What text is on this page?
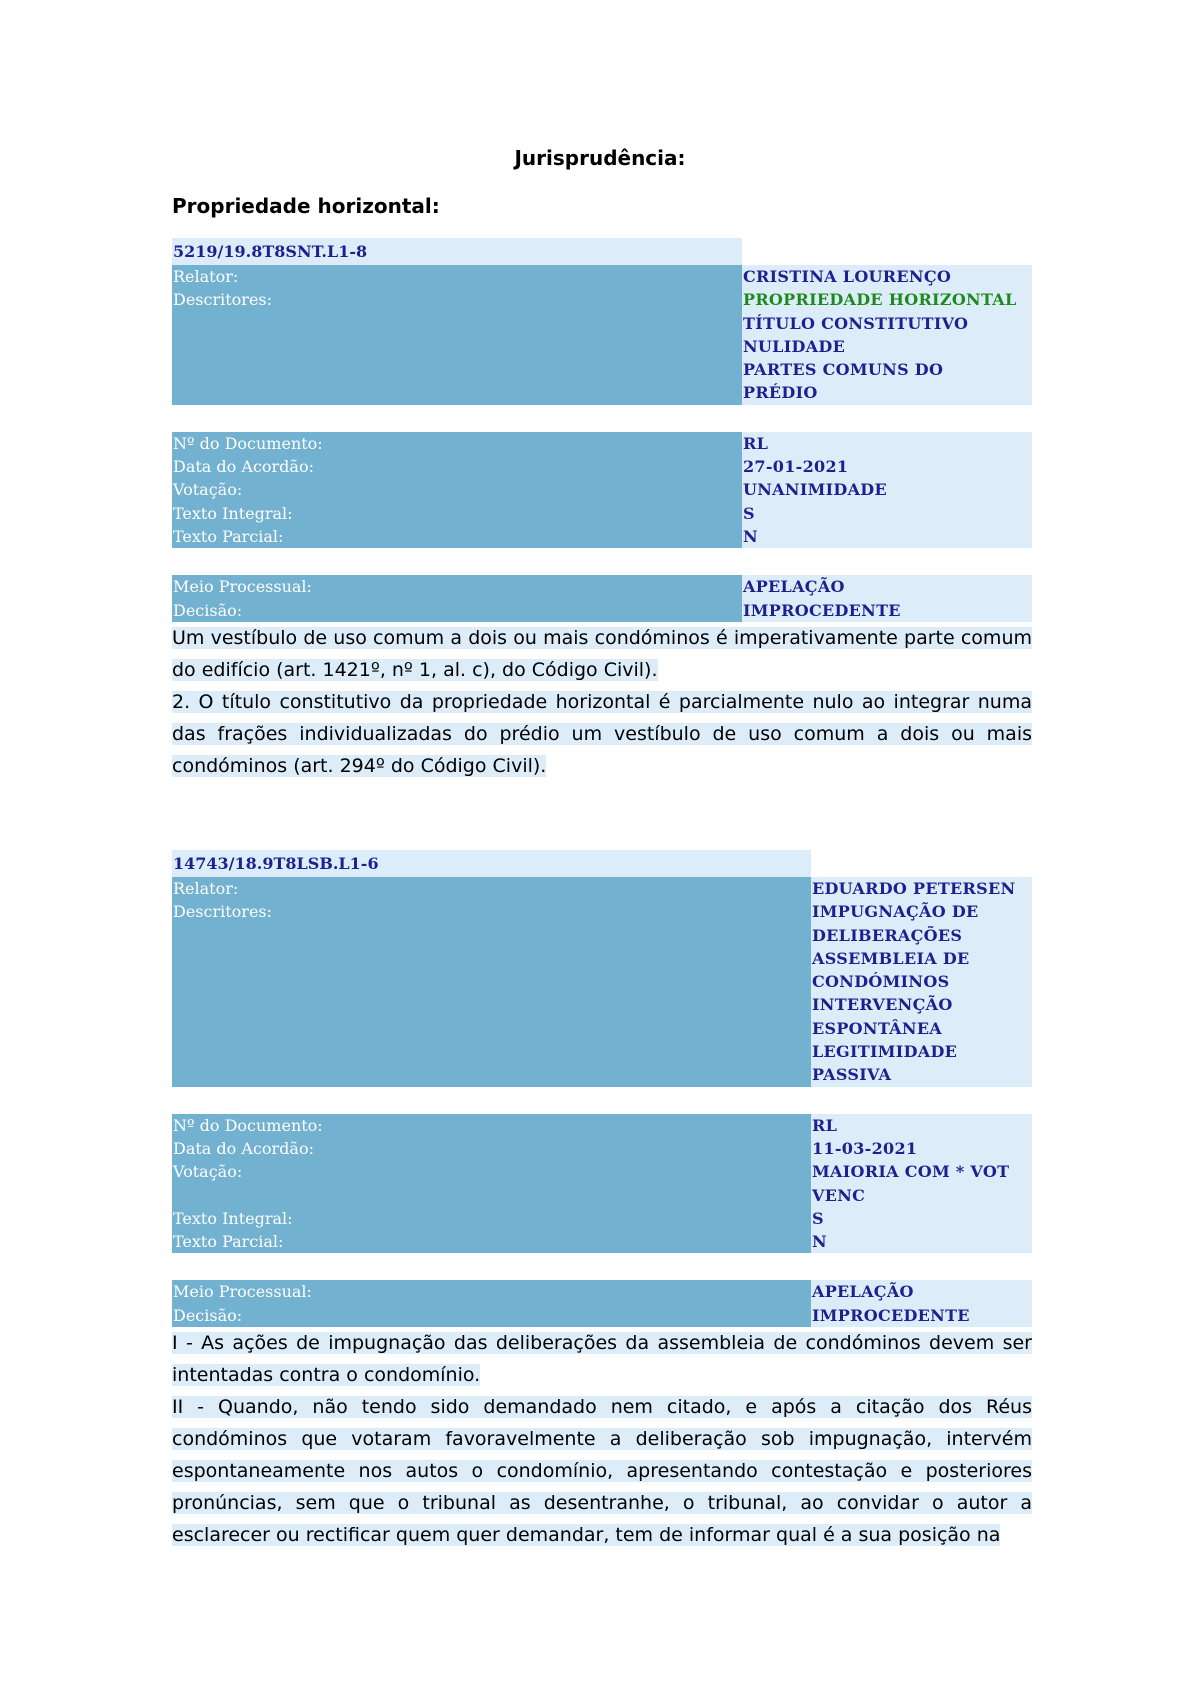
Jurisprudência:
Propriedade horizontal:
5219/19.8T8SNT.L1-8
Relator:
Descritores:
CRISTINA LOURENÇO
PROPRIEDADE HORIZONTAL
TÍTULO CONSTITUTIVO
NULIDADE
PARTES COMUNS DO
PRÉDIO
Nº do Documento:
Data do Acordão:
Votação:
Texto Integral:
Texto Parcial:
RL
27-01-2021
UNANIMIDADE
S
N
Meio Processual:
Decisão:
APELAÇÃO
IMPROCEDENTE

Um vestíbulo de uso comum a dois ou mais condóminos é imperativamente parte comum do edifício (art. 1421º, nº 1, al. c), do Código Civil).

2. O título constitutivo da propriedade horizontal é parcialmente nulo ao integrar numa das frações individualizadas do prédio um vestíbulo de uso comum a dois ou mais condóminos (art. 294º do Código Civil).

14743/18.9T8LSB.L1-6
Relator:
Descritores:
EDUARDO PETERSEN
IMPUGNAÇÃO DE
DELIBERAÇÕES
ASSEMBLEIA DE
CONDÓMINOS
INTERVENÇÃO
ESPONTÂNEA
LEGITIMIDADE
PASSIVA
Nº do Documento:
Data do Acordão:
Votação:
Texto Integral:
Texto Parcial:
RL
11-03-2021
MAIORIA COM * VOT
VENC
S
N
Meio Processual:
Decisão:
APELAÇÃO
IMPROCEDENTE

I - As ações de impugnação das deliberações da assembleia de condóminos devem ser intentadas contra o condomínio.

II - Quando, não tendo sido demandado nem citado, e após a citação dos Réus condóminos que votaram favoravelmente a deliberação sob impugnação, intervém espontaneamente nos autos o condomínio, apresentando contestação e posteriores pronúncias, sem que o tribunal as desentranhe, o tribunal, ao convidar o autor a esclarecer ou rectificar quem quer demandar, tem de informar qual é a sua posição na
